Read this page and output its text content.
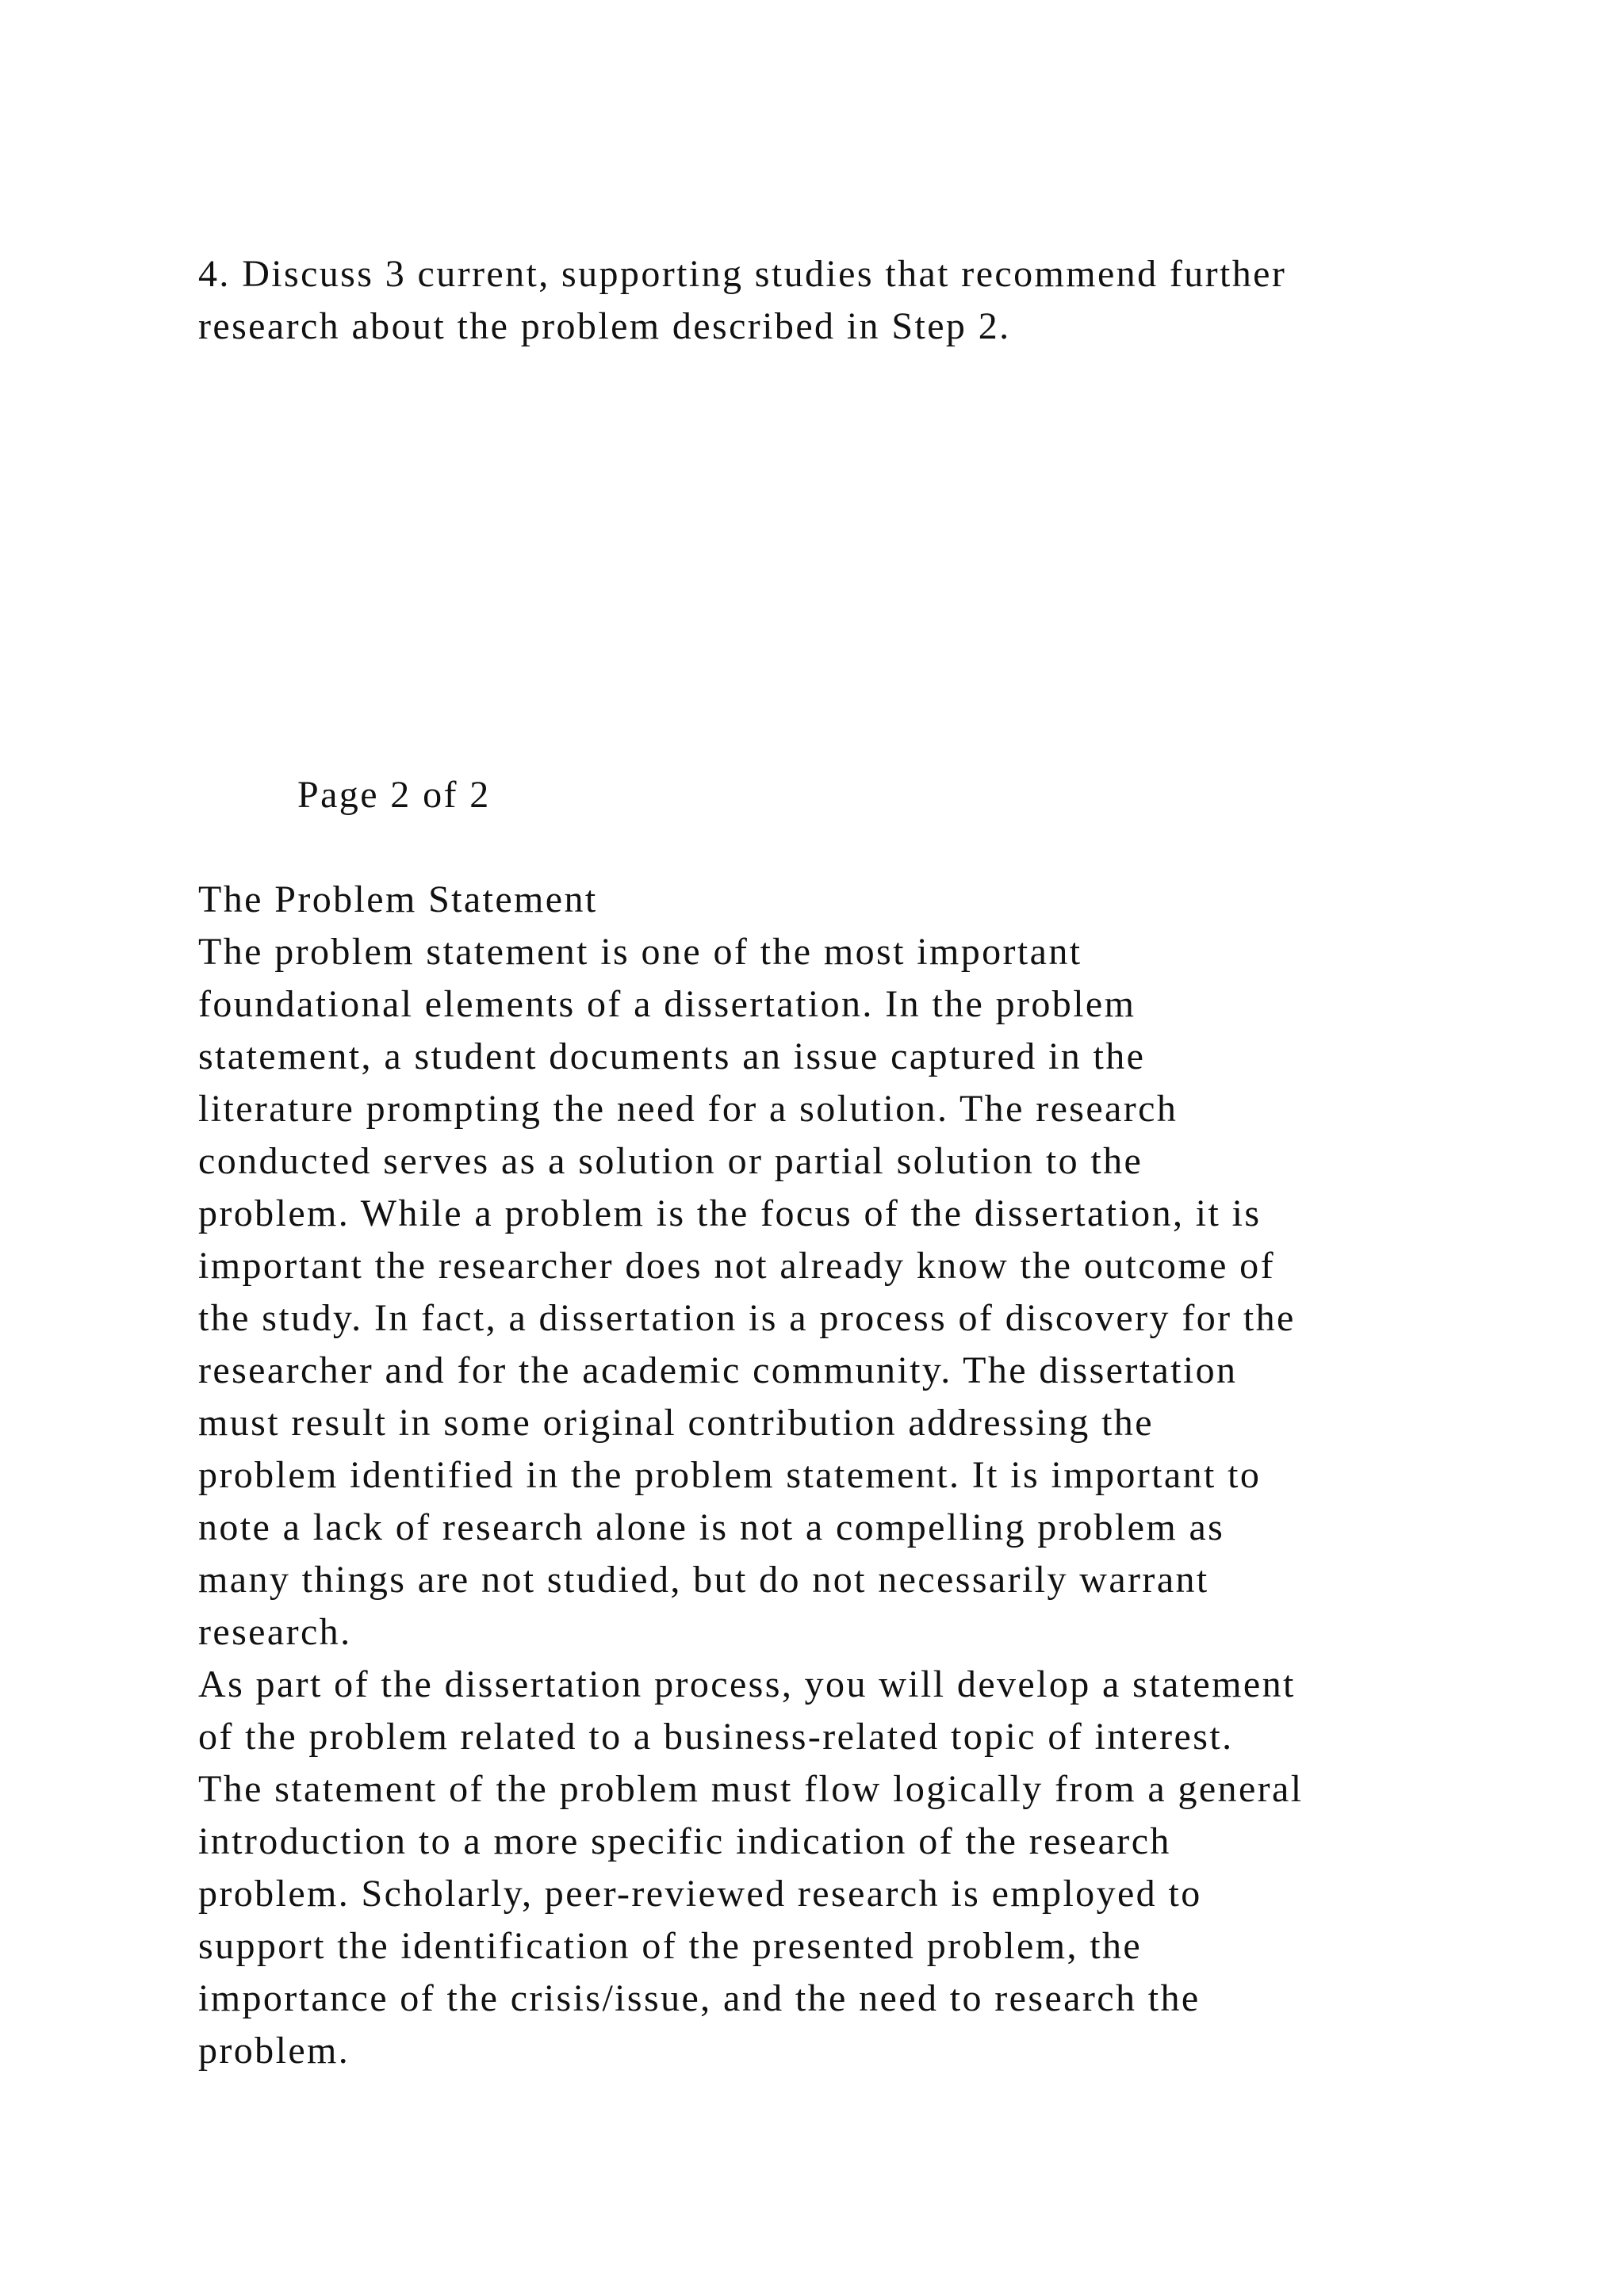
4. Discuss 3 current, supporting studies that recommend further
research about the problem described in Step 2.
Page 2 of 2
The Problem Statement
The problem statement is one of the most important
foundational elements of a dissertation. In the problem
statement, a student documents an issue captured in the
literature prompting the need for a solution. The research
conducted serves as a solution or partial solution to the
problem. While a problem is the focus of the dissertation, it is
important the researcher does not already know the outcome of
the study. In fact, a dissertation is a process of discovery for the
researcher and for the academic community. The dissertation
must result in some original contribution addressing the
problem identified in the problem statement. It is important to
note a lack of research alone is not a compelling problem as
many things are not studied, but do not necessarily warrant
research.
As part of the dissertation process, you will develop a statement
of the problem related to a business-related topic of interest.
The statement of the problem must flow logically from a general
introduction to a more specific indication of the research
problem. Scholarly, peer-reviewed research is employed to
support the identification of the presented problem, the
importance of the crisis/issue, and the need to research the
problem.
